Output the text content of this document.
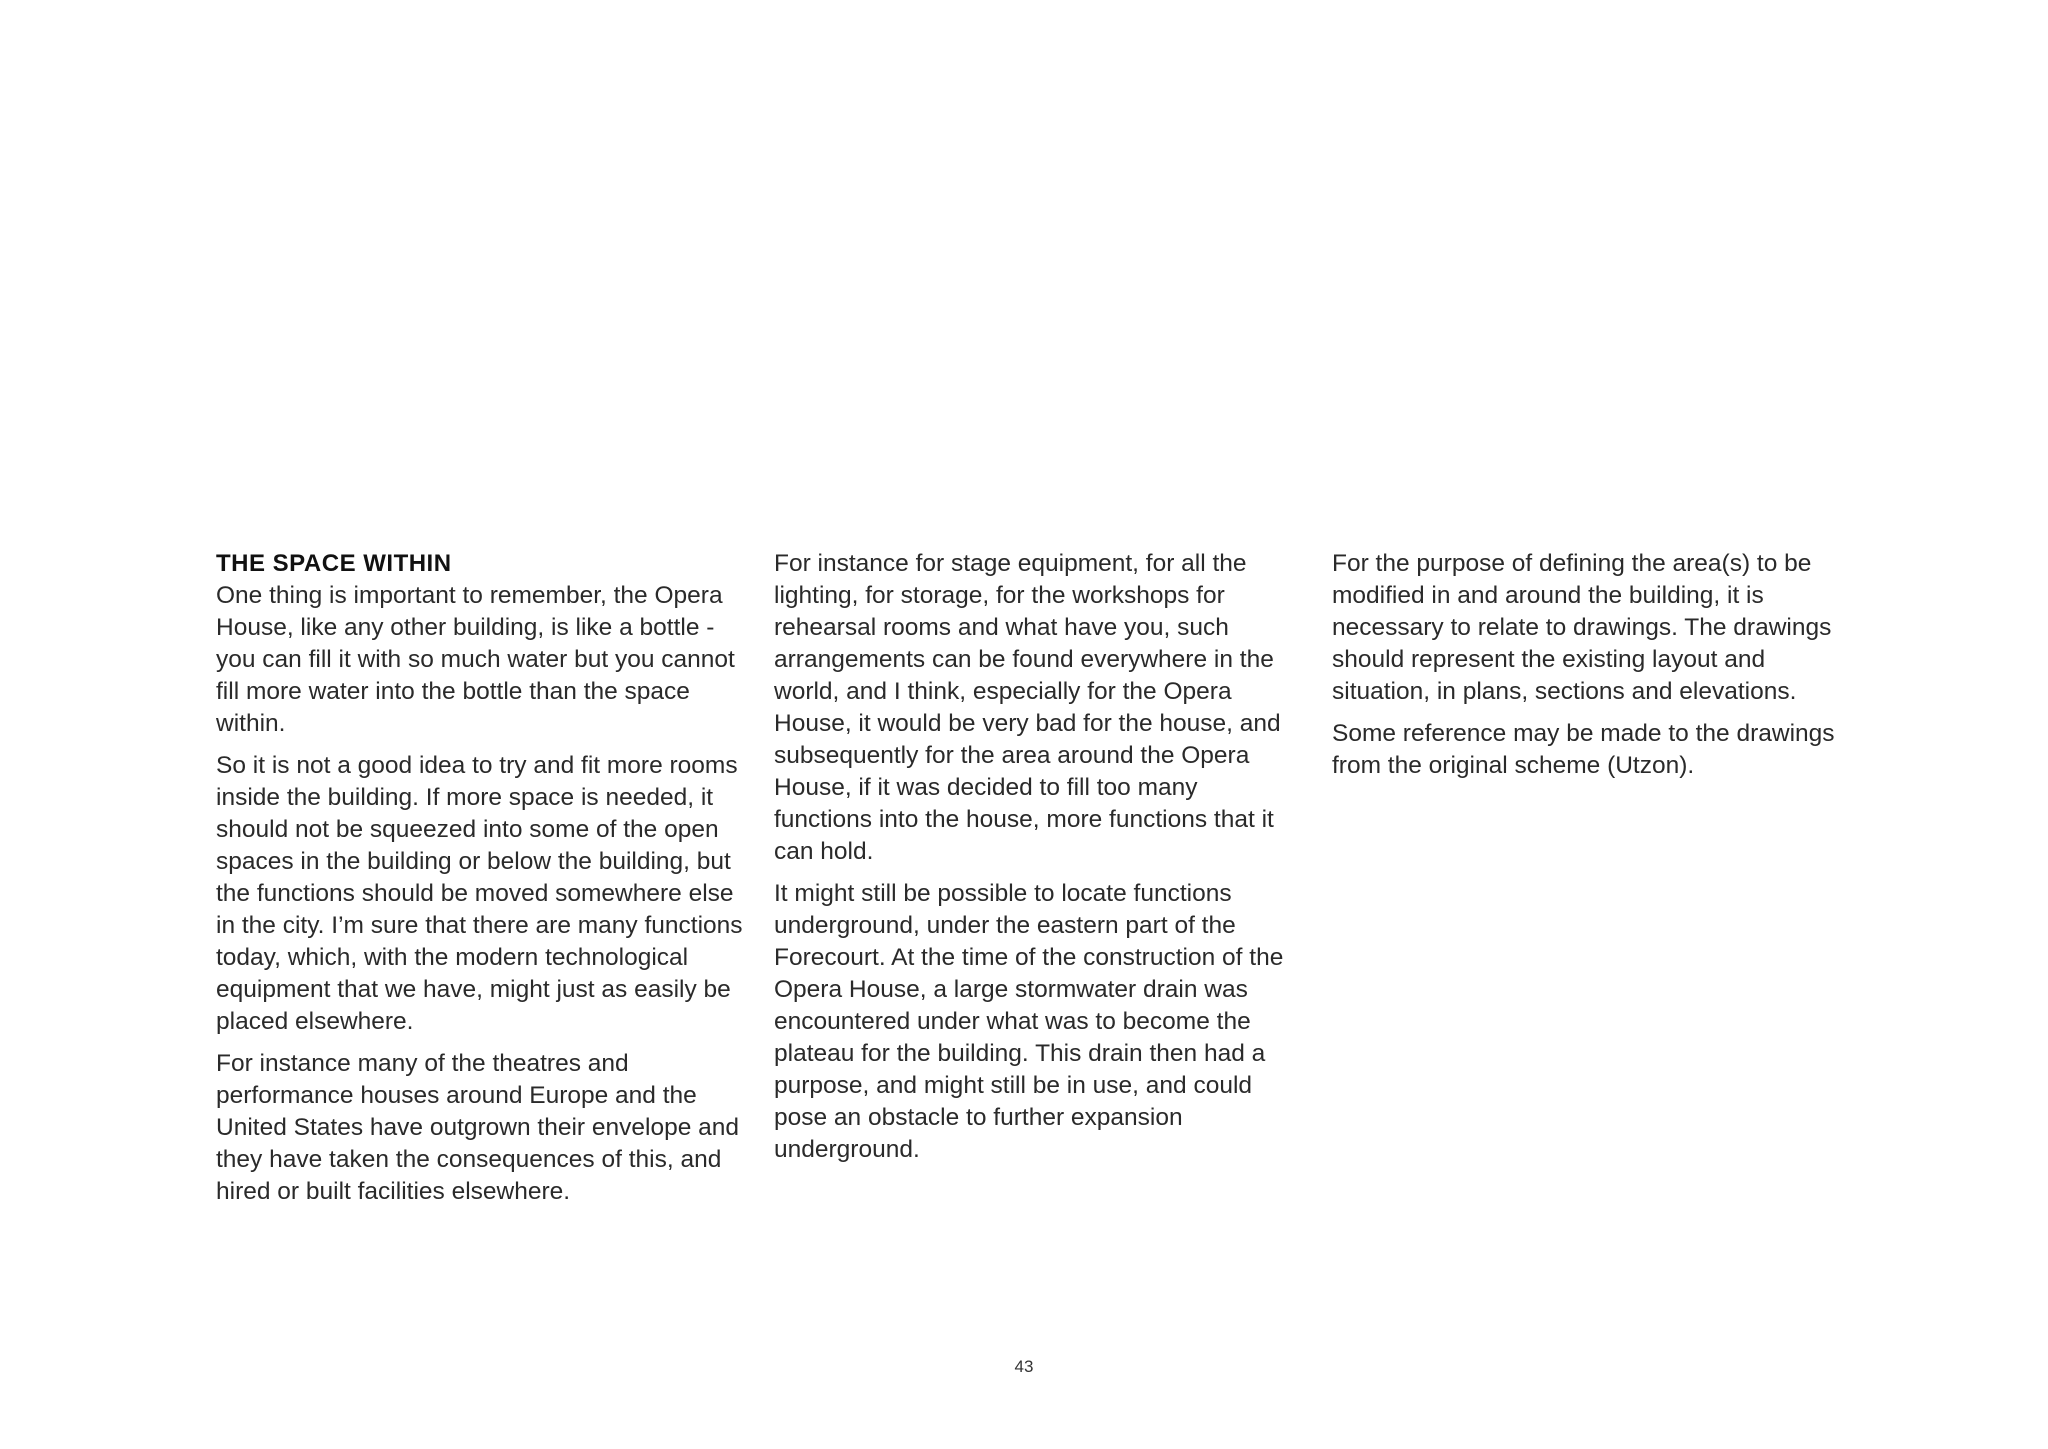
THE SPACE WITHIN

One thing is important to remember, the Opera House, like any other building, is like a bottle - you can fill it with so much water but you cannot fill more water into the bottle than the space within.

So it is not a good idea to try and fit more rooms inside the building. If more space is needed, it should not be squeezed into some of the open spaces in the building or below the building, but the functions should be moved somewhere else in the city. I’m sure that there are many functions today, which, with the modern technological equipment that we have, might just as easily be placed elsewhere.

For instance many of the theatres and performance houses around Europe and the United States have outgrown their envelope and they have taken the consequences of this, and hired or built facilities elsewhere.

For instance for stage equipment, for all the lighting, for storage, for the workshops for rehearsal rooms and what have you, such arrangements can be found everywhere in the world, and I think, especially for the Opera House, it would be very bad for the house, and subsequently for the area around the Opera House, if it was decided to fill too many functions into the house, more functions that it can hold.

It might still be possible to locate functions underground, under the eastern part of the Forecourt. At the time of the construction of the Opera House, a large stormwater drain was encountered under what was to become the plateau for the building. This drain then had a purpose, and might still be in use, and could pose an obstacle to further expansion underground.

For the purpose of defining the area(s) to be modified in and around the building, it is necessary to relate to drawings. The drawings should represent the existing layout and situation, in plans, sections and elevations.

Some reference may be made to the drawings from the original scheme (Utzon).

43
